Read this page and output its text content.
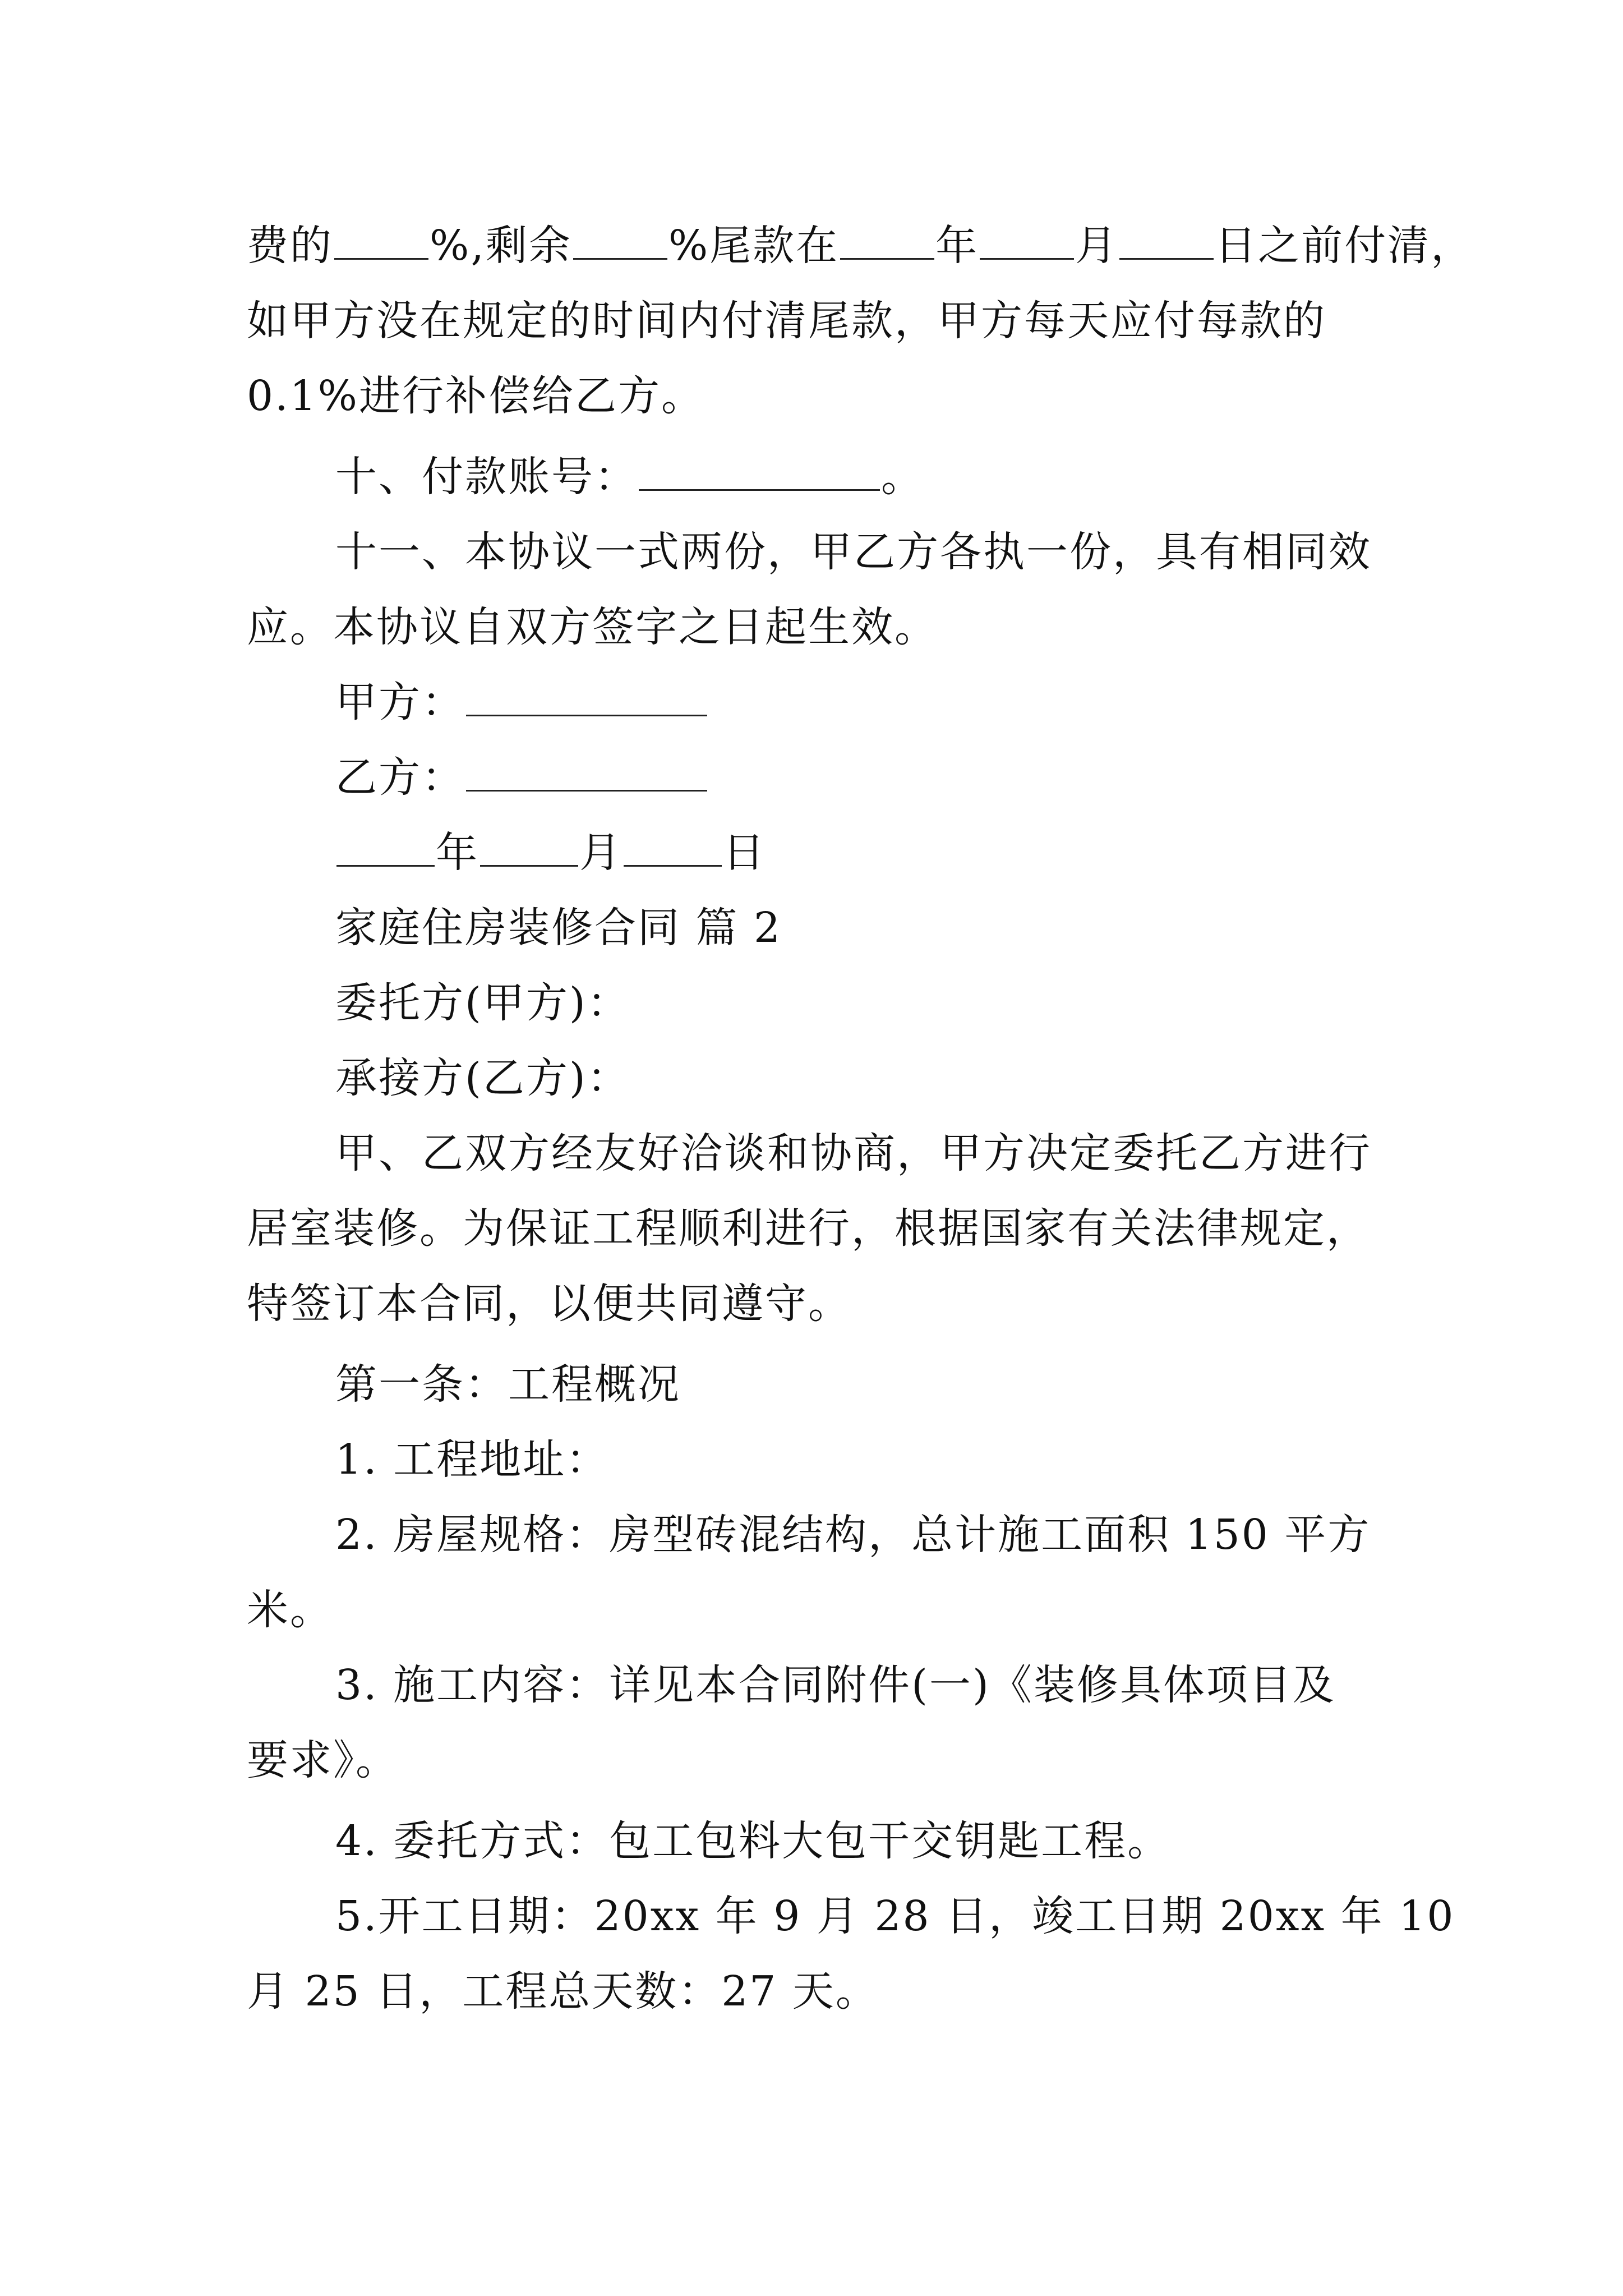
费的 %,剩余 %尾款在 年 月 日之前付清，

如甲方没在规定的时间内付清尾款，甲方每天应付每款的

0.1%进行补偿给乙方。

十、付款账号：	。

十一、本协议一式两份，甲乙方各执一份，具有相同效

应。本协议自双方签字之日起生效。

甲方：

乙方：

年 月 日

家庭住房装修合同 篇 2

委托方(甲方)：

承接方(乙方)：

甲、乙双方经友好洽谈和协商，甲方决定委托乙方进行

居室装修。为保证工程顺利进行，根据国家有关法律规定，

特签订本合同，以便共同遵守。

第一条：工程概况

1. 工程地址：

2. 房屋规格：房型砖混结构，总计施工面积 150 平方

米。

3. 施工内容：详见本合同附件(一)《装修具体项目及

要求》。

4. 委托方式：包工包料大包干交钥匙工程。

5.开工日期：20xx 年 9 月 28 日，竣工日期 20xx 年 10

月 25 日，工程总天数：27 天。
